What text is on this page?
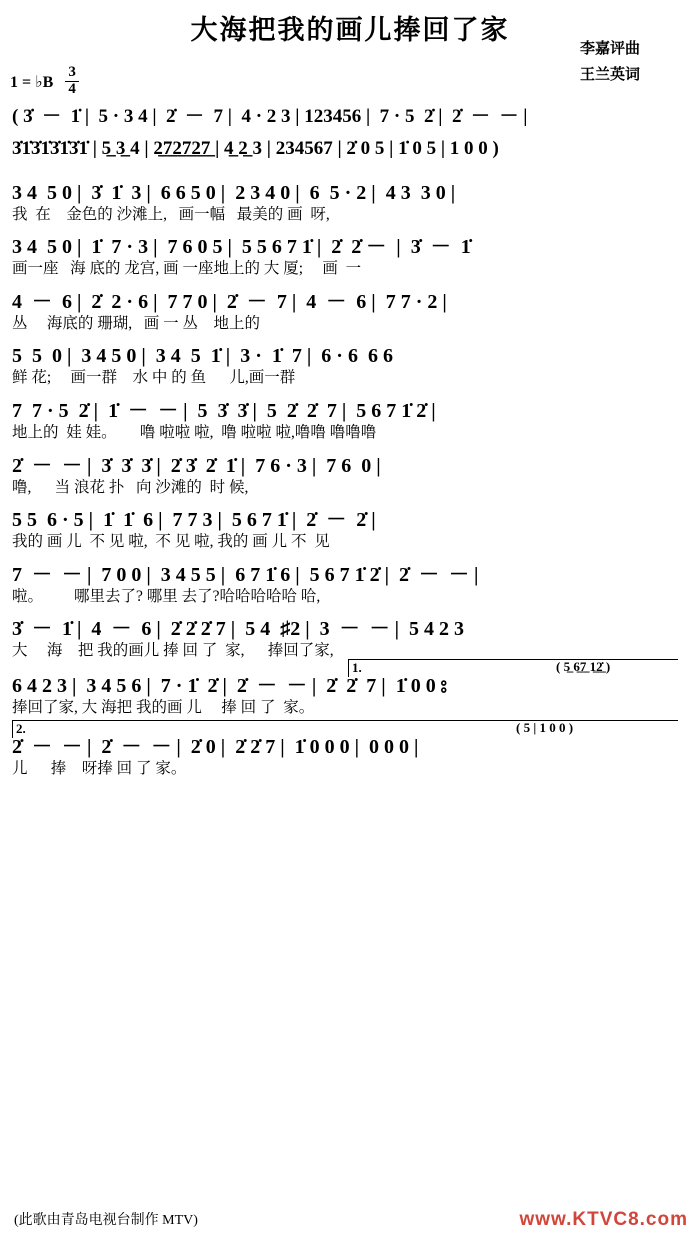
大海把我的画儿捧回了家
李嘉评曲
王兰英词
1 = ♭B $\frac{3}{4}$
( 3̇  －  1̇ |  5 · 3 4 |  2̇  －  7 |  4 · 2 3 | 123456 |  7 · 5  2̇ |  2̇  －  － |
3̇1̇3̇1̇3̇1̇3̇1̇ | 5̲ 3̲ 4 | 2̲7̲2̲7̲2̲7̲ | 4̲ 2̲ 3 | 234567 | 2̇ 0 5 | 1̇ 0 5 | 1 0 0 )
3 4  5 0 |  3̇  1̇  3 |  6 6 5 0 |  2 3 4 0 |  6  5 · 2 |  4 3  3 0 |
我  在    金色的 沙滩上,   画一幅   最美的 画  呀,
3 4  5 0 |  1̇  7 · 3 |  7 6 0 5 |  5 5 6 7 1̇ |  2̇  2̇ －  |  3̇  －  1̇
画一座   海 底的 龙宫, 画 一座地上的 大 厦;     画  一
4  －  6 |  2̇  2 · 6 |  7 7 0 |  2̇  －  7 |  4  －  6 |  7 7 · 2 |
丛     海底的 珊瑚,   画 一 丛    地上的
5  5  0 |  3 4 5 0 |  3 4  5  1̇ |  3 ·  1̇  7 |  6 · 6  6 6
鲜 花;     画一群    水 中 的 鱼      儿,画一群
7  7 · 5  2̇ |  1̇  －  － |  5  3̇  3̇ |  5  2̇  2̇  7 |  5 6 7 1̇ 2̇ |
地上的  娃 娃。      噜 啦啦 啦,  噜 啦啦 啦,噜噜 噜噜噜
2̇  －  － |  3̇  3̇  3̇ |  2̇ 3̇  2̇  1̇ |  7 6 · 3 |  7 6  0 |
噜,      当 浪花 扑   向 沙滩的  时 候,
5 5  6 · 5 |  1̇  1̇  6 |  7 7 3 |  5 6 7 1̇ |  2̇  －  2̇ |
我的 画 儿  不 见 啦,  不 见 啦, 我的 画 儿 不  见
7  －  － |  7 0 0 |  3 4 5 5 |  6 7 1̇ 6 |  5 6 7 1̇ 2̇ |  2̇  －  － |
啦。        哪里去了? 哪里 去了?哈哈哈哈哈 哈,
3̇  －  1̇ |  4  －  6 |  2̇ 2̇ 2̇ 7 |  5 4  ♯2 |  3  －  － |  5 4 2 3
大     海    把 我的画儿 捧 回 了  家,      捧回了家,
1.	( 5̲ 6̲7̲ 1̲2̲̇ )
6 4 2 3 |  3 4 5 6 |  7 · 1̇  2̇ |  2̇  －  － |  2̇  2̇  7 |  1̇ 0 0 ⦂
捧回了家, 大 海把 我的画 儿     捧 回 了  家。
2.	( 5 | 1 0 0 )
2̇  －  － |  2̇  －  － |  2̇ 0 |  2̇ 2̇ 7 |  1̇ 0 0 0 |  0 0 0 |
儿      捧    呀捧 回 了 家。
(此歌由青岛电视台制作 MTV)	www.KTVC8.com
